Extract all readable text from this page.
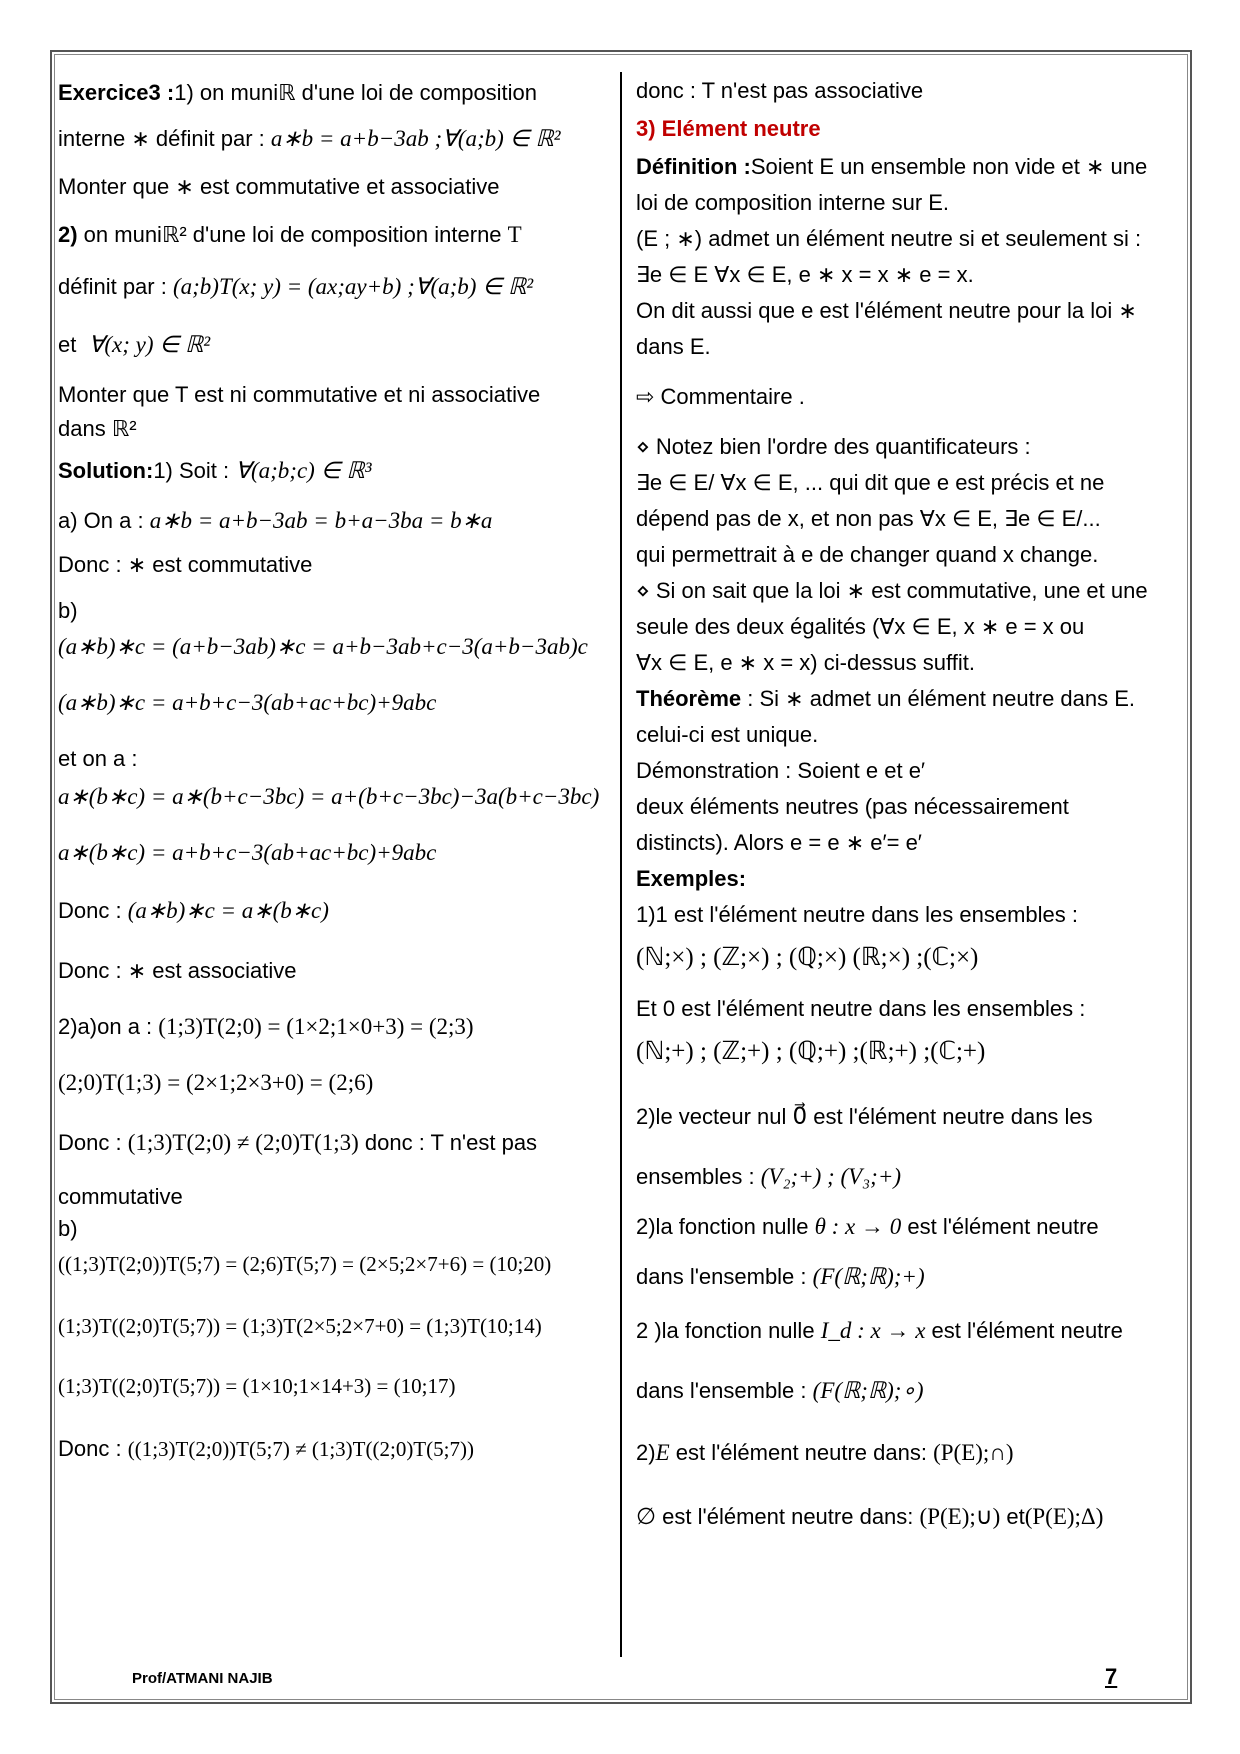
Exercice3 :1) on muniℝ d'une loi de composition

interne ∗ définit par : a∗b = a+b−3ab ;∀(a;b) ∈ ℝ²

Monter que ∗ est commutative et associative

2) on muniℝ² d'une loi de composition interne T

définit par : (a;b)T(x; y) = (ax;ay+b) ;∀(a;b) ∈ ℝ²

et ∀(x; y) ∈ ℝ²

Monter que T est ni commutative et ni associative

dans ℝ²

Solution:1) Soit : ∀(a;b;c) ∈ ℝ³

a) On a : a∗b = a+b−3ab = b+a−3ba = b∗a

Donc : ∗ est commutative

b)

(a∗b)∗c = (a+b−3ab)∗c = a+b−3ab+c−3(a+b−3ab)c

(a∗b)∗c = a+b+c−3(ab+ac+bc)+9abc

et on a :

a∗(b∗c) = a∗(b+c−3bc) = a+(b+c−3bc)−3a(b+c−3bc)

a∗(b∗c) = a+b+c−3(ab+ac+bc)+9abc

Donc : (a∗b)∗c = a∗(b∗c)

Donc : ∗ est associative

2)a)on a : (1;3)T(2;0) = (1×2;1×0+3) = (2;3)

(2;0)T(1;3) = (2×1;2×3+0) = (2;6)

Donc : (1;3)T(2;0) ≠ (2;0)T(1;3) donc : T n'est pas

commutative

b)

((1;3)T(2;0))T(5;7) = (2;6)T(5;7) = (2×5;2×7+6) = (10;20)

(1;3)T((2;0)T(5;7)) = (1;3)T(2×5;2×7+0) = (1;3)T(10;14)

(1;3)T((2;0)T(5;7)) = (1×10;1×14+3) = (10;17)

Donc : ((1;3)T(2;0))T(5;7) ≠ (1;3)T((2;0)T(5;7))

donc : T n'est pas associative

3) Elément neutre

Définition :Soient E un ensemble non vide et ∗ une

loi de composition interne sur E.

(E ; ∗) admet un élément neutre si et seulement si :

∃e ∈ E ∀x ∈ E, e ∗ x = x ∗ e = x.

On dit aussi que e est l'élément neutre pour la loi ∗

dans E.

⇨ Commentaire .

⋄ Notez bien l'ordre des quantificateurs :

∃e ∈ E/ ∀x ∈ E, ... qui dit que e est précis et ne

dépend pas de x, et non pas ∀x ∈ E, ∃e ∈ E/...

qui permettrait à e de changer quand x change.

⋄ Si on sait que la loi ∗ est commutative, une et une

seule des deux égalités (∀x ∈ E, x ∗ e = x ou

∀x ∈ E, e ∗ x = x) ci-dessus suffit.

Théorème : Si ∗ admet un élément neutre dans E.

celui-ci est unique.

Démonstration : Soient e et e′

deux éléments neutres (pas nécessairement

distincts). Alors e = e ∗ e′= e′

Exemples:

1)1 est l'élément neutre dans les ensembles :

(ℕ;×) ; (ℤ;×) ; (ℚ;×) (ℝ;×) ;(ℂ;×)

Et 0 est l'élément neutre dans les ensembles :

(ℕ;+) ; (ℤ;+) ; (ℚ;+) ;(ℝ;+) ;(ℂ;+)

2)le vecteur nul 0⃗ est l'élément neutre dans les

ensembles : (V₂;+) ; (V₃;+)

2)la fonction nulle θ : x → 0 est l'élément neutre

dans l'ensemble : (F(ℝ;ℝ);+)

2 )la fonction nulle I_d : x → x est l'élément neutre

dans l'ensemble : (F(ℝ;ℝ);∘)

2)E est l'élément neutre dans: (P(E);∩)

∅ est l'élément neutre dans: (P(E);∪) et(P(E);Δ)

Prof/ATMANI NAJIB	7
